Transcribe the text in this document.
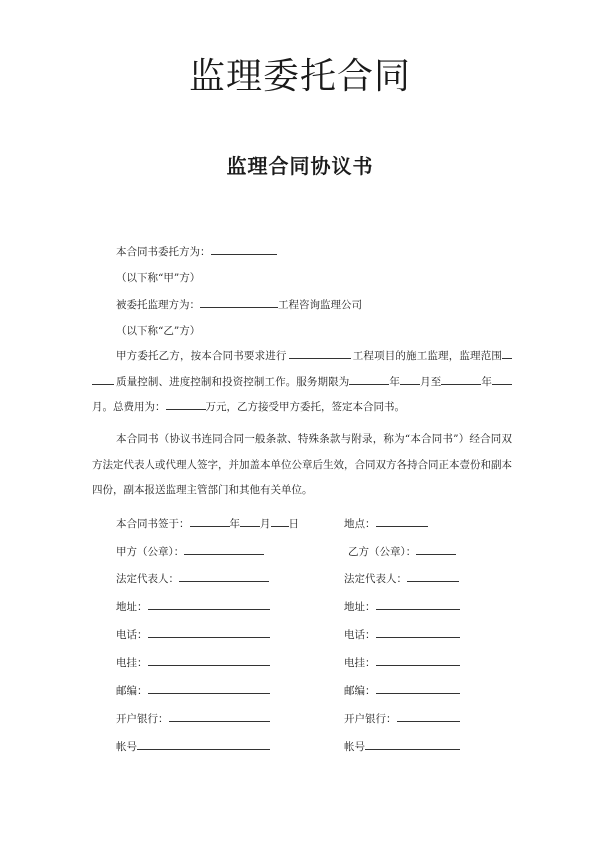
监理委托合同
监理合同协议书
本合同书委托方为：
（以下称“甲”方）
被委托监理方为：	工程咨询监理公司
（以下称“乙”方）
甲方委托乙方，按本合同书要求进行	工程项目的施工监理，监理范围质量控制、进度控制和投资控制工作。服务期限为	年 月至	年月。总费用为：	万元，乙方接受甲方委托，签定本合同书。
本合同书（协议书连同合同一般条款、特殊条款与附录，称为“本合同书”）经合同双方法定代表人或代理人签字，并加盖本单位公章后生效，合同双方各持合同正本壹份和副本四份，副本报送监理主管部门和其他有关单位。
本合同书签于：	年 月 日	地点：
甲方（公章）：	乙方（公章）：
法定代表人：	法定代表人：
地址：	地址：
电话：	电话：
电挂：	电挂：
邮编：	邮编：
开户银行：	开户银行：
帐号	帐号
